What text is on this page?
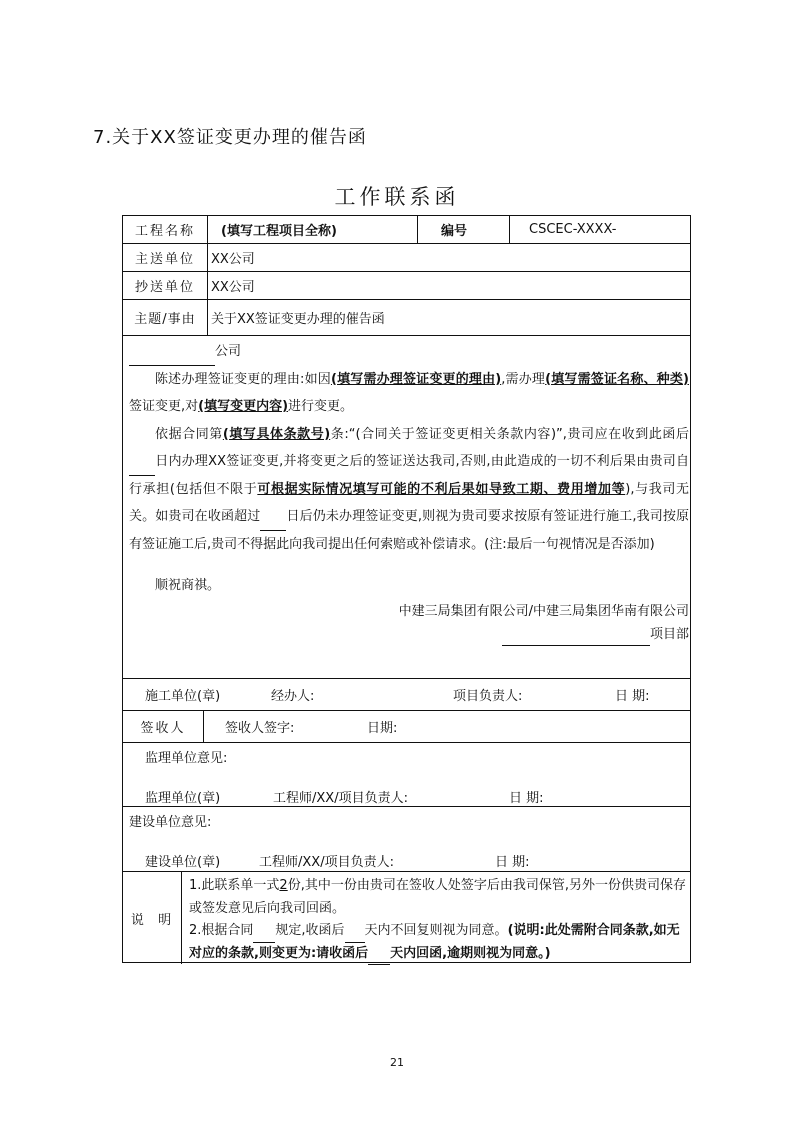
7.关于XX签证变更办理的催告函
工作联系函
工程名称	(填写工程项目全称)	编号	CSCEC-XXXX-
主送单位	XX公司
抄送单位	XX公司
主题/事由	关于XX签证变更办理的催告函
公司
陈述办理签证变更的理由:如因(填写需办理签证变更的理由),需办理(填写需签证名称、种类)签证变更,对(填写变更内容)进行变更。
依据合同第(填写具体条款号)条:“(合同关于签证变更相关条款内容)”,贵司应在收到此函后日内办理XX签证变更,并将变更之后的签证送达我司,否则,由此造成的一切不利后果由贵司自行承担(包括但不限于可根据实际情况填写可能的不利后果如导致工期、费用增加等),与我司无关。如贵司在收函超过 日后仍未办理签证变更,则视为贵司要求按原有签证进行施工,我司按原有签证施工后,贵司不得据此向我司提出任何索赔或补偿请求。(注:最后一句视情况是否添加)
顺祝商祺。
中建三局集团有限公司/中建三局集团华南有限公司
项目部
施工单位(章)	经办人:	项目负责人:	日 期:
签收人	签收人签字:	日期:
监理单位意见:
监理单位(章)	工程师/XX/项目负责人:	日 期:
建设单位意见:
建设单位(章)	工程师/XX/项目负责人:	日 期:
说  明
1.此联系单一式2份,其中一份由贵司在签收人处签字后由我司保管,另外一份供贵司保存或签发意见后向我司回函。
2.根据合同 规定,收函后 天内不回复则视为同意。(说明:此处需附合同条款,如无对应的条款,则变更为:请收函后 天内回函,逾期则视为同意。)
21
